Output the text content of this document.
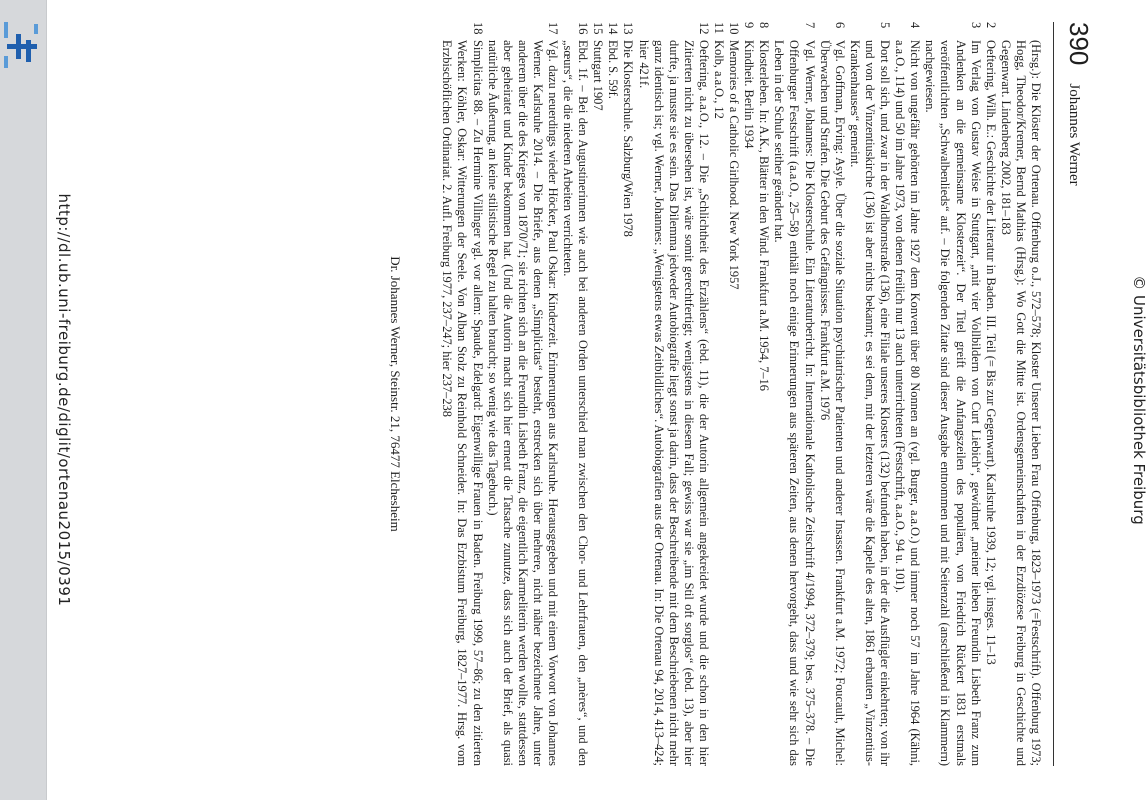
http://dl.ub.uni-freiburg.de/diglit/ortenau2015/0391
390
Johannes Werner
(Hrsg.): Die Klöster der Ortenau. Offenburg o.J., 572–578; Kloster Unserer Lieben Frau Offenburg, 1823–1973 (=Festschrift). Offenburg 1973; Hogg, Theodor/Kremer, Bernd Mathias (Hrsg.): Wo Gott die Mitte ist. Ordensgemeinschaften in der Erzdiözese Freiburg in Geschichte und Gegenwart. Lindenberg 2002, 181–183
2
Oeftering, Wilh. E.: Geschichte der Literatur in Baden. III. Teil (= Bis zur Gegenwart). Karlsruhe 1939, 12; vgl. insges. 11–13
3
Im Verlag von Gustav Weise in Stuttgart, „mit vier Vollbildern von Curt Liebich“, gewidmet „meiner lieben Freundin Lisbeth Franz zum Andenken an die gemeinsame Klosterzeit“. Der Titel greift die Anfangszeilen des populären, von Friedrich Rückert 1831 erstmals veröffentlichten „Schwalbenlieds“ auf. – Die folgenden Zitate sind dieser Ausgabe entnommen und mit Seitenzahl (anschließend in Klammern) nachgewiesen.
4
Nicht von ungefähr gehörten im Jahre 1927 dem Konvent über 80 Nonnen an (vgl. Burger, a.a.O.) und immer noch 57 im Jahre 1964 (Kähni, a.a.O., 114) und 50 im Jahre 1973, von denen freilich nur 13 auch unterrichteten (Festschrift, a.a.O., 94 u. 101).
5
Dort soll sich, und zwar in der Waldhornstraße (136), eine Filiale unseres Klosters (132) befunden haben, in der die Ausflügler einkehrten; von ihr und von der Vinzentiuskirche (136) ist aber nichts bekannt; es sei denn, mit der letzteren wäre die Kapelle des alten, 1861 erbauten „Vinzentius-Krankenhauses“ gemeint.
6
Vgl. Goffman, Erving: Asyle. Über die soziale Situation psychiatrischer Patienten und anderer Insassen. Frankfurt a.M. 1972; Foucault, Michel: Überwachen und Strafen. Die Geburt des Gefängnisses. Frankfurt a.M. 1976
7
Vgl. Werner, Johannes: Die Klosterschule. Ein Literaturbericht. In: Internationale Katholische Zeitschrift 4/1994, 372–379; bes. 375–378. – Die Offenburger Festschrift (a.a.O., 25–58) enthält noch einige Erinnerungen aus späteren Zeiten, aus denen hervorgeht, dass und wie sehr sich das Leben in der Schule seither geändert hat.
8
Klosterleben. In: A.K., Blätter in den Wind. Frankfurt a.M. 1954, 7–16
9
Kindheit. Berlin 1934
10
Memories of a Catholic Girlhood. New York 1957
11
Kolb, a.a.O., 12
12
Oeftering, a.a.O., 12. – Die „Schlichtheit des Erzählens“ (ebd. 11), die der Autorin allgemein angekreidet wurde und die schon in den hier Zitierten nicht zu übersehen ist, wäre somit gerechtfertigt; wenigstens in diesem Fall; gewiss war sie „im Stil oft sorglos“ (ebd. 13), aber hier durfte, ja musste sie es sein. Das Dilemma jedweder Autobiografie liegt sonst ja darin, dass der Beschreibende mit dem Beschriebenen nicht mehr ganz identisch ist; vgl. Werner, Johannes: „Wenigstens etwas Zeitbildliches“. Autobiografien aus der Ortenau. In: Die Ortenau 94, 2014, 413–424; hier 421f.
13
Die Klosterschule. Salzburg/Wien 1978
14
Ebd. S. 59f.
15
Stuttgart 1907
16
Ebd. 1f. – Bei den Augustinerinnen wie auch bei anderen Orden unterschied man zwischen den Chor- und Lehrfrauen, den „mères“, und den „sœurs“, die die niederen Arbeiten verrichteten.
17
Vgl. dazu neuerdings wieder Höcker, Paul Oskar: Kinderzeit. Erinnerungen aus Karlsruhe. Herausgegeben und mit einem Vorwort von Johannes Werner. Karlsruhe 2014. – Die Briefe, aus denen „Simplicitas“ besteht, erstrecken sich über mehrere, nicht näher bezeichnete Jahre, unter anderem über die des Krieges von 1870/71; sie richten sich an die Freundin Lisbeth Franz, die eigentlich Karmeliterin werden wollte, stattdessen aber geheiratet und Kinder bekommen hat. (Und die Autorin macht sich hier erneut die Tatsache zunutze, dass sich auch der Brief, als quasi natürliche Äußerung, an keine stilistische Regel zu halten braucht; so wenig wie das Tagebuch.)
18
Simplicitas 88. – Zu Hermine Villinger vgl. vor allem: Spaude, Edelgard: Eigenwillige Frauen in Baden. Freiburg 1999, 57–86; zu den zitierten Werken: Köhler, Oskar: Witterungen der Seele. Von Alban Stolz zu Reinhold Schneider. In: Das Erzbistum Freiburg, 1827–1977. Hrsg. vom Erzbischöflichen Ordinariat. 2. Aufl. Freiburg 1977, 237–247; hier 237–238
Dr. Johannes Werner, Steinstr. 21, 76477 Elchesheim	© Universitätsbibliothek Freiburg
